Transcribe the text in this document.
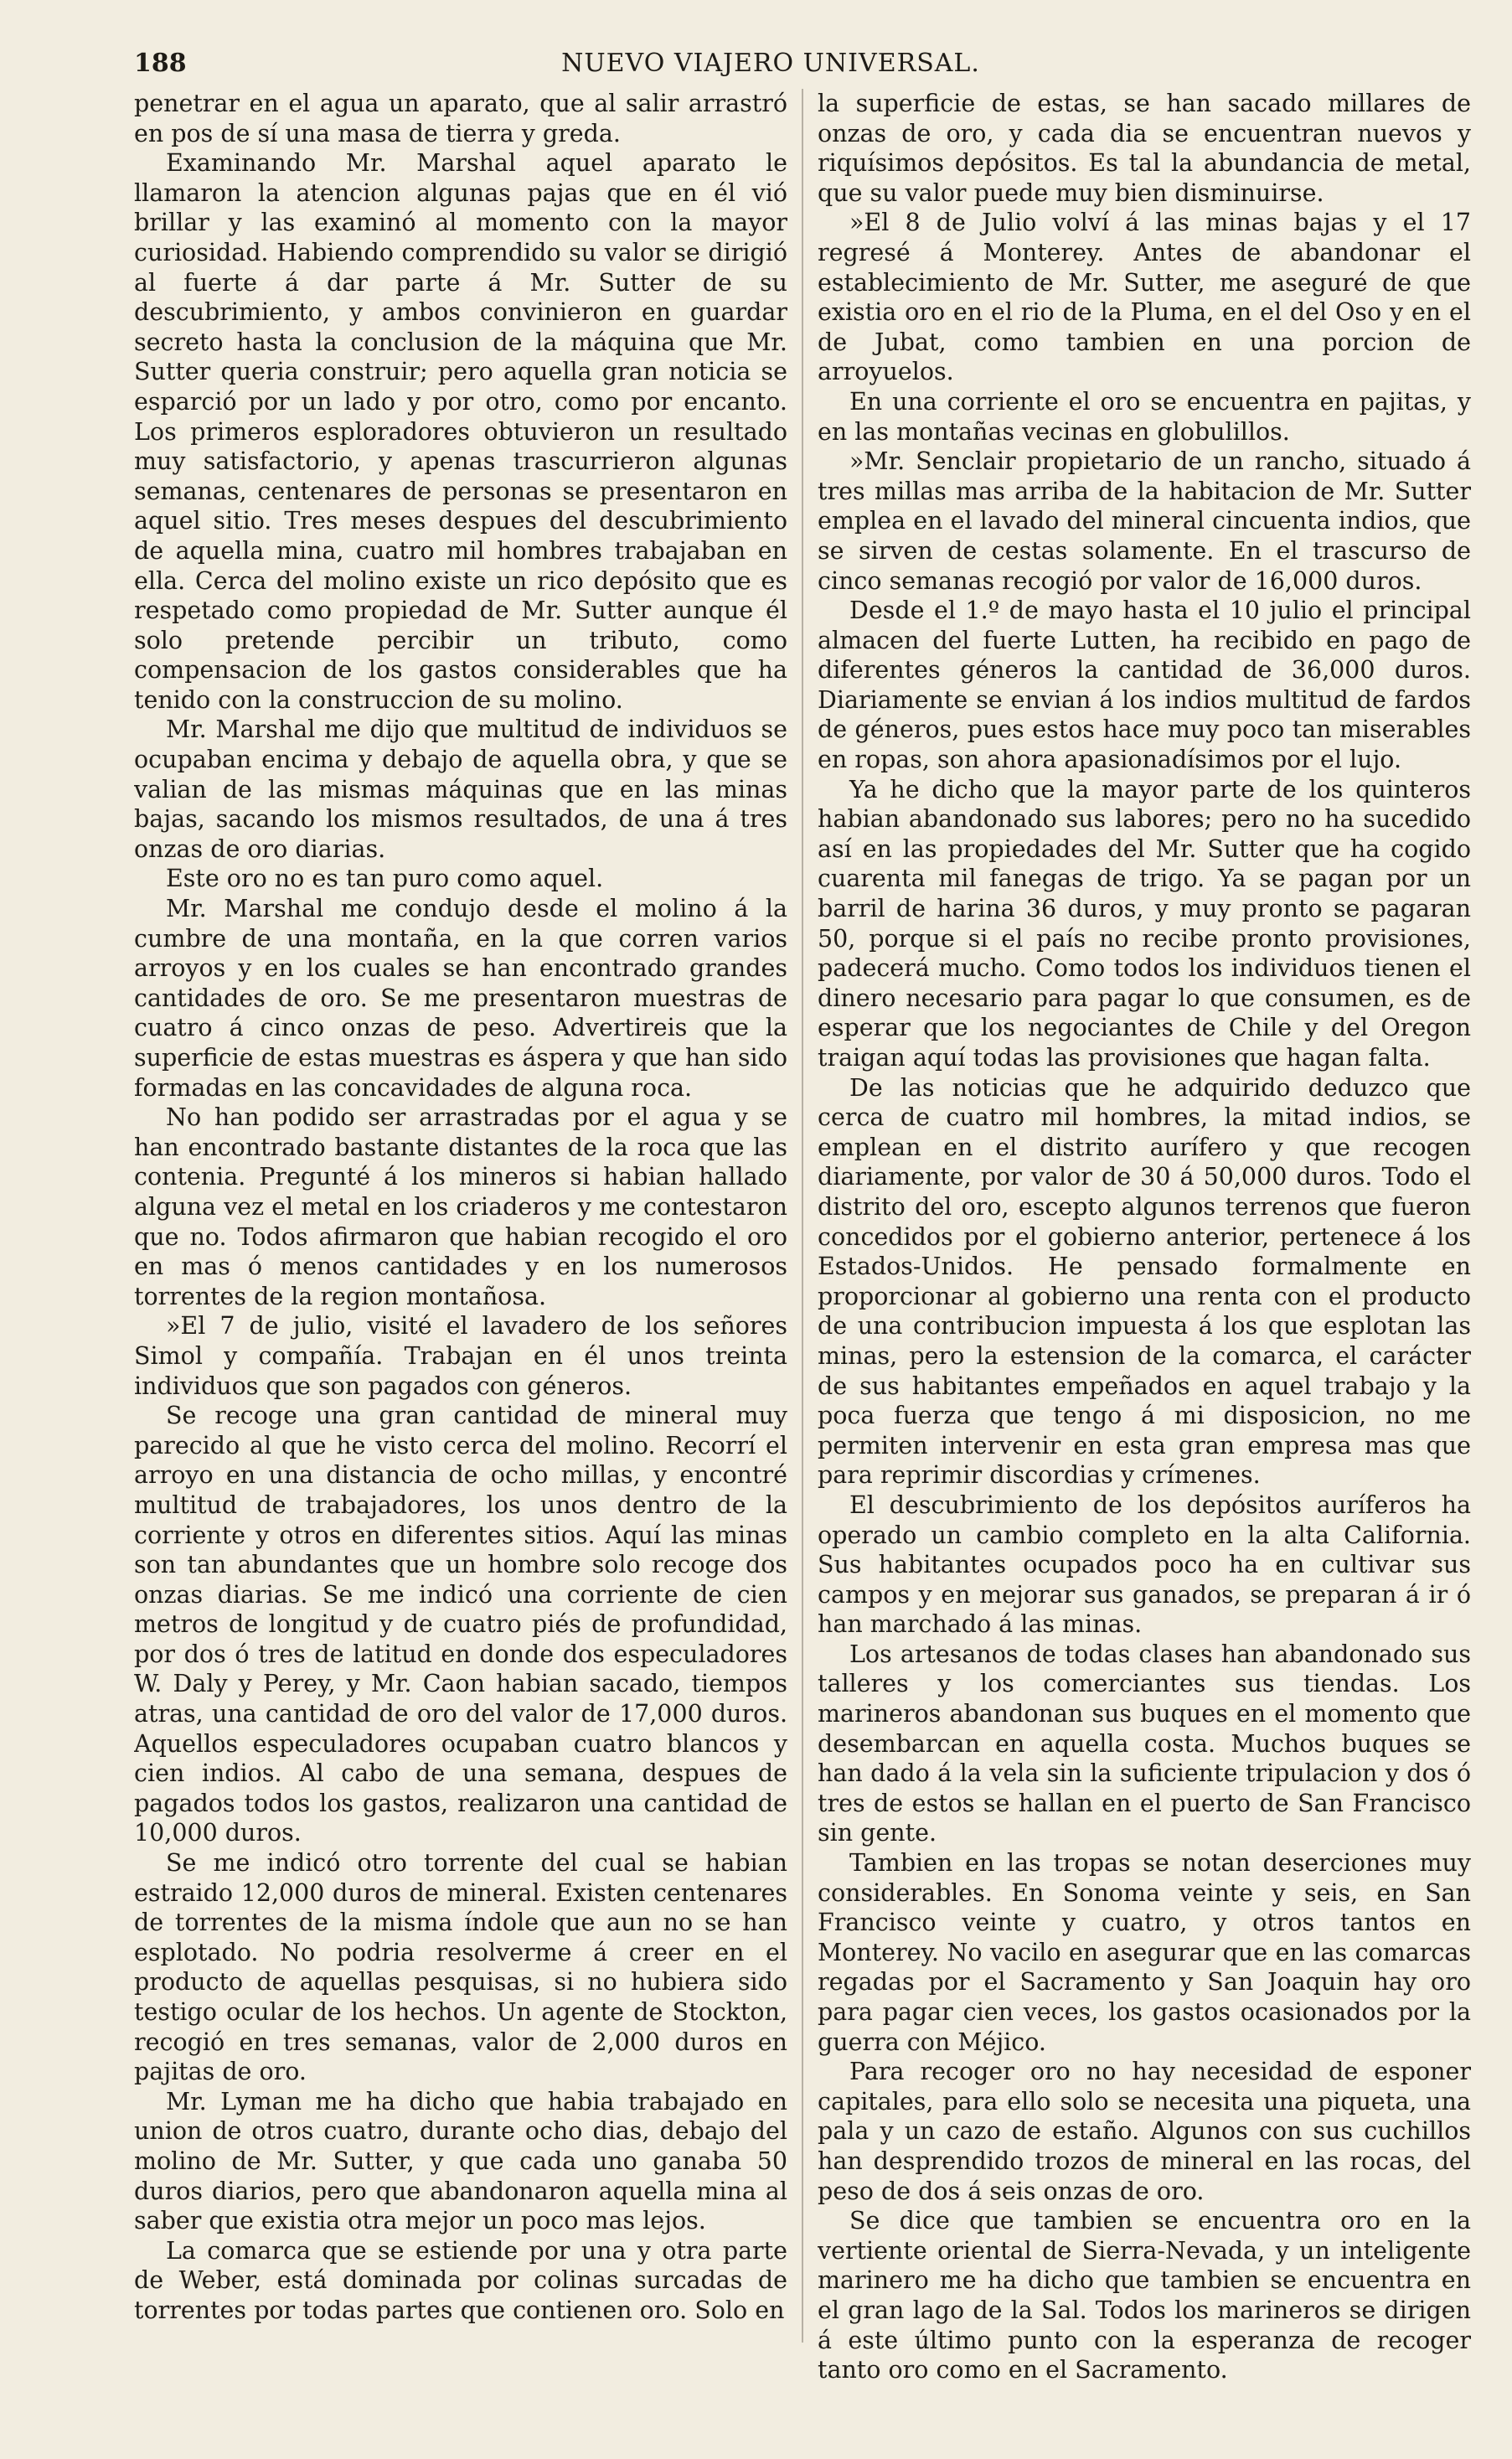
188	NUEVO VIAJERO UNIVERSAL.

penetrar en el agua un aparato, que al salir arrastró en pos de sí una masa de tierra y greda.

Examinando Mr. Marshal aquel aparato le llamaron la atencion algunas pajas que en él vió brillar y las examinó al momento con la mayor curiosidad. Habiendo comprendido su valor se dirigió al fuerte á dar parte á Mr. Sutter de su descubrimiento, y ambos convinieron en guardar secreto hasta la conclusion de la máquina que Mr. Sutter queria construir; pero aquella gran noticia se esparció por un lado y por otro, como por encanto. Los primeros esploradores obtuvieron un resultado muy satisfactorio, y apenas trascurrieron algunas semanas, centenares de personas se presentaron en aquel sitio. Tres meses despues del descubrimiento de aquella mina, cuatro mil hombres trabajaban en ella. Cerca del molino existe un rico depósito que es respetado como propiedad de Mr. Sutter aunque él solo pretende percibir un tributo, como compensacion de los gastos considerables que ha tenido con la construccion de su molino.

Mr. Marshal me dijo que multitud de individuos se ocupaban encima y debajo de aquella obra, y que se valian de las mismas máquinas que en las minas bajas, sacando los mismos resultados, de una á tres onzas de oro diarias.

Este oro no es tan puro como aquel.

Mr. Marshal me condujo desde el molino á la cumbre de una montaña, en la que corren varios arroyos y en los cuales se han encontrado grandes cantidades de oro. Se me presentaron muestras de cuatro á cinco onzas de peso. Advertireis que la superficie de estas muestras es áspera y que han sido formadas en las concavidades de alguna roca.

No han podido ser arrastradas por el agua y se han encontrado bastante distantes de la roca que las contenia. Pregunté á los mineros si habian hallado alguna vez el metal en los criaderos y me contestaron que no. Todos afirmaron que habian recogido el oro en mas ó menos cantidades y en los numerosos torrentes de la region montañosa.

»El 7 de julio, visité el lavadero de los señores Simol y compañía. Trabajan en él unos treinta individuos que son pagados con géneros.

Se recoge una gran cantidad de mineral muy parecido al que he visto cerca del molino. Recorrí el arroyo en una distancia de ocho millas, y encontré multitud de trabajadores, los unos dentro de la corriente y otros en diferentes sitios. Aquí las minas son tan abundantes que un hombre solo recoge dos onzas diarias. Se me indicó una corriente de cien metros de longitud y de cuatro piés de profundidad, por dos ó tres de latitud en donde dos especuladores W. Daly y Perey, y Mr. Caon habian sacado, tiempos atras, una cantidad de oro del valor de 17,000 duros. Aquellos especuladores ocupaban cuatro blancos y cien indios. Al cabo de una semana, despues de pagados todos los gastos, realizaron una cantidad de 10,000 duros.

Se me indicó otro torrente del cual se habian estraido 12,000 duros de mineral. Existen centenares de torrentes de la misma índole que aun no se han esplotado. No podria resolverme á creer en el producto de aquellas pesquisas, si no hubiera sido testigo ocular de los hechos. Un agente de Stockton, recogió en tres semanas, valor de 2,000 duros en pajitas de oro.

Mr. Lyman me ha dicho que habia trabajado en union de otros cuatro, durante ocho dias, debajo del molino de Mr. Sutter, y que cada uno ganaba 50 duros diarios, pero que abandonaron aquella mina al saber que existia otra mejor un poco mas lejos.

La comarca que se estiende por una y otra parte de Weber, está dominada por colinas surcadas de torrentes por todas partes que contienen oro. Solo en

la superficie de estas, se han sacado millares de onzas de oro, y cada dia se encuentran nuevos y riquísimos depósitos. Es tal la abundancia de metal, que su valor puede muy bien disminuirse.

»El 8 de Julio volví á las minas bajas y el 17 regresé á Monterey. Antes de abandonar el establecimiento de Mr. Sutter, me aseguré de que existia oro en el rio de la Pluma, en el del Oso y en el de Jubat, como tambien en una porcion de arroyuelos.

En una corriente el oro se encuentra en pajitas, y en las montañas vecinas en globulillos.

»Mr. Senclair propietario de un rancho, situado á tres millas mas arriba de la habitacion de Mr. Sutter emplea en el lavado del mineral cincuenta indios, que se sirven de cestas solamente. En el trascurso de cinco semanas recogió por valor de 16,000 duros.

Desde el 1.º de mayo hasta el 10 julio el principal almacen del fuerte Lutten, ha recibido en pago de diferentes géneros la cantidad de 36,000 duros. Diariamente se envian á los indios multitud de fardos de géneros, pues estos hace muy poco tan miserables en ropas, son ahora apasionadísimos por el lujo.

Ya he dicho que la mayor parte de los quinteros habian abandonado sus labores; pero no ha sucedido así en las propiedades del Mr. Sutter que ha cogido cuarenta mil fanegas de trigo. Ya se pagan por un barril de harina 36 duros, y muy pronto se pagaran 50, porque si el país no recibe pronto provisiones, padecerá mucho. Como todos los individuos tienen el dinero necesario para pagar lo que consumen, es de esperar que los negociantes de Chile y del Oregon traigan aquí todas las provisiones que hagan falta.

De las noticias que he adquirido deduzco que cerca de cuatro mil hombres, la mitad indios, se emplean en el distrito aurífero y que recogen diariamente, por valor de 30 á 50,000 duros. Todo el distrito del oro, escepto algunos terrenos que fueron concedidos por el gobierno anterior, pertenece á los Estados-Unidos. He pensado formalmente en proporcionar al gobierno una renta con el producto de una contribucion impuesta á los que esplotan las minas, pero la estension de la comarca, el carácter de sus habitantes empeñados en aquel trabajo y la poca fuerza que tengo á mi disposicion, no me permiten intervenir en esta gran empresa mas que para reprimir discordias y crímenes.

El descubrimiento de los depósitos auríferos ha operado un cambio completo en la alta California. Sus habitantes ocupados poco ha en cultivar sus campos y en mejorar sus ganados, se preparan á ir ó han marchado á las minas.

Los artesanos de todas clases han abandonado sus talleres y los comerciantes sus tiendas. Los marineros abandonan sus buques en el momento que desembarcan en aquella costa. Muchos buques se han dado á la vela sin la suficiente tripulacion y dos ó tres de estos se hallan en el puerto de San Francisco sin gente.

Tambien en las tropas se notan deserciones muy considerables. En Sonoma veinte y seis, en San Francisco veinte y cuatro, y otros tantos en Monterey. No vacilo en asegurar que en las comarcas regadas por el Sacramento y San Joaquin hay oro para pagar cien veces, los gastos ocasionados por la guerra con Méjico.

Para recoger oro no hay necesidad de esponer capitales, para ello solo se necesita una piqueta, una pala y un cazo de estaño. Algunos con sus cuchillos han desprendido trozos de mineral en las rocas, del peso de dos á seis onzas de oro.

Se dice que tambien se encuentra oro en la vertiente oriental de Sierra-Nevada, y un inteligente marinero me ha dicho que tambien se encuentra en el gran lago de la Sal. Todos los marineros se dirigen á este último punto con la esperanza de recoger tanto oro como en el Sacramento.
